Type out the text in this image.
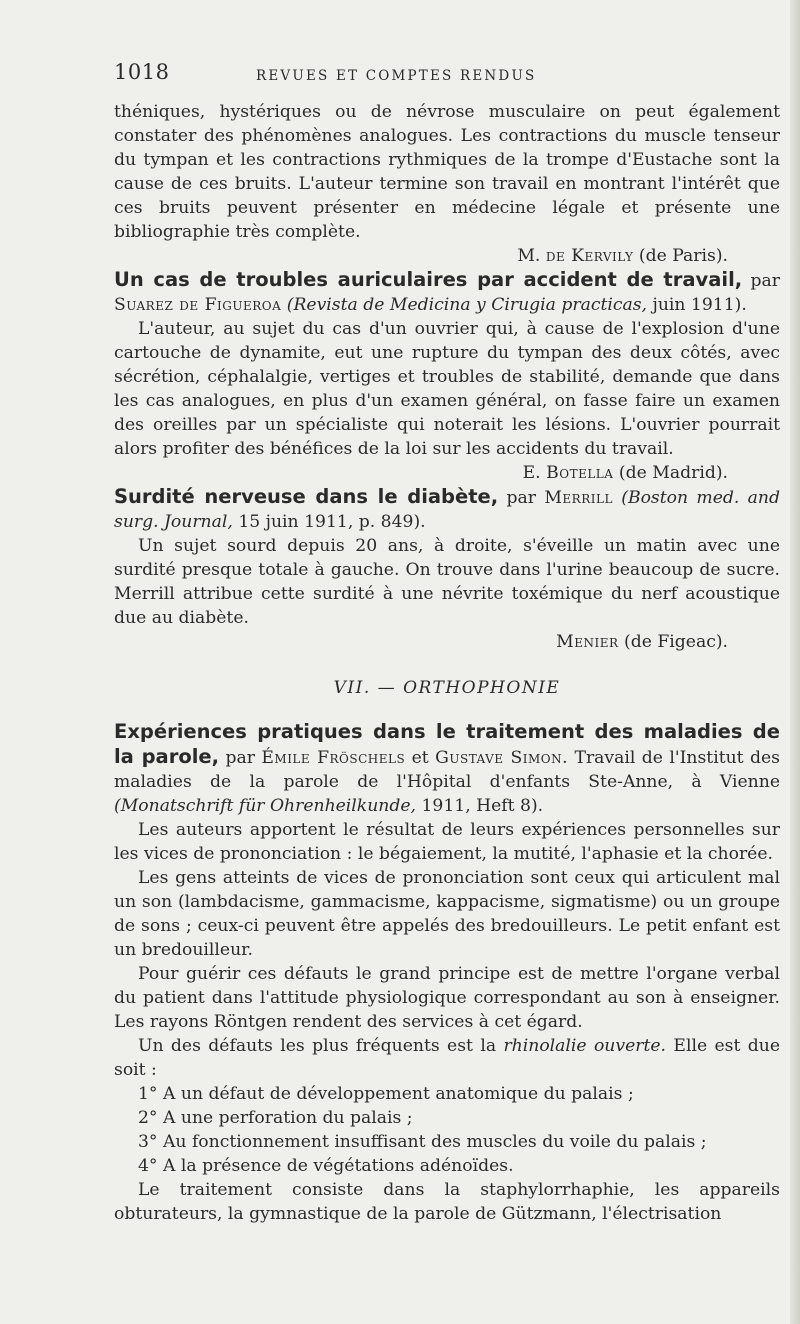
1018	REVUES ET COMPTES RENDUS

théniques, hystériques ou de névrose musculaire on peut également constater des phénomènes analogues. Les contractions du muscle tenseur du tympan et les contractions rythmiques de la trompe d'Eustache sont la cause de ces bruits. L'auteur termine son travail en montrant l'intérêt que ces bruits peuvent présenter en médecine légale et présente une bibliographie très complète.

M. de Kervily (de Paris).

Un cas de troubles auriculaires par accident de travail, par Suarez de Figueroa (Revista de Medicina y Cirugia practicas, juin 1911).

L'auteur, au sujet du cas d'un ouvrier qui, à cause de l'explosion d'une cartouche de dynamite, eut une rupture du tympan des deux côtés, avec sécrétion, céphalalgie, vertiges et troubles de stabilité, demande que dans les cas analogues, en plus d'un examen général, on fasse faire un examen des oreilles par un spécialiste qui noterait les lésions. L'ouvrier pourrait alors profiter des bénéfices de la loi sur les accidents du travail.

E. Botella (de Madrid).

Surdité nerveuse dans le diabète, par Merrill (Boston med. and surg. Journal, 15 juin 1911, p. 849).

Un sujet sourd depuis 20 ans, à droite, s'éveille un matin avec une surdité presque totale à gauche. On trouve dans l'urine beaucoup de sucre. Merrill attribue cette surdité à une névrite toxémique du nerf acoustique due au diabète.

Menier (de Figeac).

VII. — ORTHOPHONIE

Expériences pratiques dans le traitement des maladies de la parole, par Émile Fröschels et Gustave Simon. Travail de l'Institut des maladies de la parole de l'Hôpital d'enfants Ste-Anne, à Vienne (Monatschrift für Ohrenheilkunde, 1911, Heft 8).

Les auteurs apportent le résultat de leurs expériences personnelles sur les vices de prononciation : le bégaiement, la mutité, l'aphasie et la chorée.

Les gens atteints de vices de prononciation sont ceux qui articulent mal un son (lambdacisme, gammacisme, kappacisme, sigmatisme) ou un groupe de sons ; ceux-ci peuvent être appelés des bredouilleurs. Le petit enfant est un bredouilleur.

Pour guérir ces défauts le grand principe est de mettre l'organe verbal du patient dans l'attitude physiologique correspondant au son à enseigner. Les rayons Röntgen rendent des services à cet égard.

Un des défauts les plus fréquents est la rhinolalie ouverte. Elle est due soit :

1° A un défaut de développement anatomique du palais ;

2° A une perforation du palais ;

3° Au fonctionnement insuffisant des muscles du voile du palais ;

4° A la présence de végétations adénoïdes.

Le traitement consiste dans la staphylorrhaphie, les appareils obturateurs, la gymnastique de la parole de Gützmann, l'électrisation
